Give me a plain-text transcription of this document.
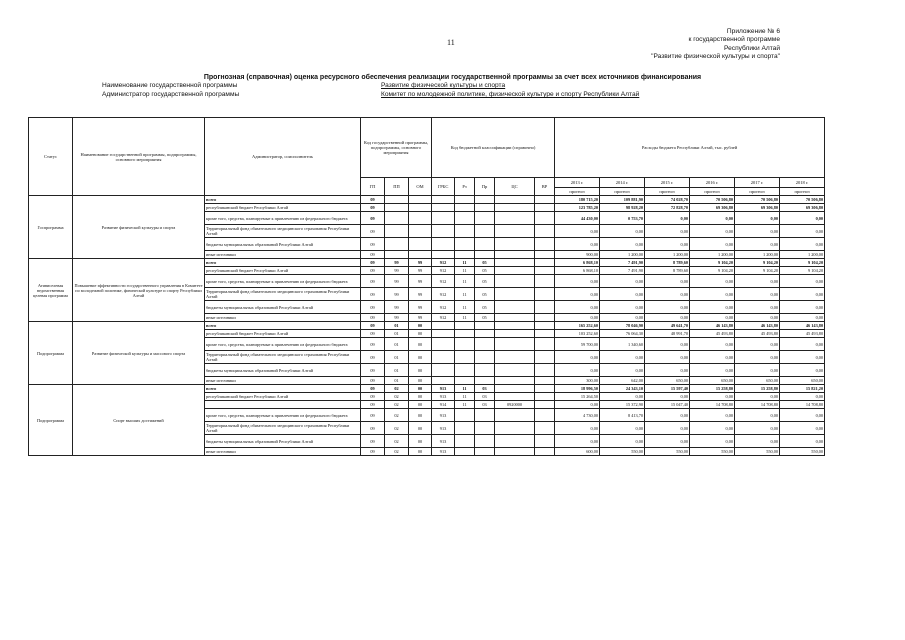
11
Приложение № 6
к государственной программе
Республики Алтай
"Развитие физической культуры и спорта"
Прогнозная (справочная) оценка ресурсного обеспечения реализации государственной программы за счет всех источников финансирования
Наименование государственной программы	Развитие физической культуры и спорта
Администратор государственной программы	Комитет по молодежной политике, физической культуре и спорту Республики Алтай
Статус	Наименование государственной программы, подпрограммы, основного мероприятия	Администратор, соисполнитель	Код государственной программы, подпрограммы, основного мероприятия			Код бюджетной классификации (справочно)					Расходы бюджета Республики Алтай, тыс. рублей					
			ГП	ПП	ОМ	ГРБС	Рз	Пр	ЦС	ВР	2013 г.	2014 г.	2015 г.	2016 г.	2017 г.	2018 г.
											прогноз	прогноз	прогноз	прогноз	прогноз	прогноз
Госпрограмма	Развитие физической культуры и спорта	всего	09								180 715,20	109 881,90	74 028,70	70 506,80	70 506,80	70 506,80
		республиканский бюджет Республики Алтай	09								123 785,20	98 928,20	72 828,70	69 306,80	69 306,80	69 306,80
		кроме того, средства, планируемые к привлечению из федерального бюджета	09								44 430,00	0 753,70	0,00	0,00	0,00	0,00
		Территориальный фонд обязательного медицинского страхования Республики Алтай	09								0,00	0,00	0,00	0,00	0,00	0,00
		бюджеты муниципальных образований Республики Алтай	09								0,00	0,00	0,00	0,00	0,00	0,00
		иные источники	09								900,00	1 200,00	1 200,00	1 200,00	1 200,00	1 200,00
Ативиселевая ведомственная целевая программа	Повышение эффективности государственного управления в Комитете по молодежной политике, физической культуре и спорту Республики Алтай	всего	09	99	99	912	11	05			6 868,10	7 491,90	8 789,60	9 104,20	9 104,20	9 104,20
		республиканский бюджет Республики Алтай	09	99	99	912	11	05			6 868,10	7 491,90	8 789,60	9 104,20	9 104,20	9 104,20
		кроме того, средства, планируемые к привлечению из федерального бюджета	09	99	99	912	11	05			0,00	0,00	0,00	0,00	0,00	0,00
		Территориальный фонд обязательного медицинского страхования Республики Алтай	09	99	99	912	11	05			0,00	0,00	0,00	0,00	0,00	0,00
		бюджеты муниципальных образований Республики Алтай	09	99	99	912	11	05			0,00	0,00	0,00	0,00	0,00	0,00
		иные источники	09	99	99	912	11	05			0,00	0,00	0,00	0,00	0,00	0,00
Подпрограмма	Развитие физической культуры и массового спорта	всего	09	01	00						165 252,60	78 046,90	49 641,70	46 143,80	46 143,80	46 143,80
		республиканский бюджет Республики Алтай	09	01	00						103 252,60	76 064,30	48 991,70	45 493,80	45 493,80	45 493,80
		кроме того, средства, планируемые к привлечению из федерального бюджета	09	01	00						59 700,00	1 340,60	0,00	0,00	0,00	0,00
		Территориальный фонд обязательного медицинского страхования Республики Алтай	09	01	00						0,00	0,00	0,00	0,00	0,00	0,00
		бюджеты муниципальных образований Республики Алтай	09	01	00						0,00	0,00	0,00	0,00	0,00	0,00
		иные источники	09	01	00						300,00	642,00	650,00	650,00	650,00	650,00
Подпрограмма	Спорт высших достижений	всего	09	02	00	913	11	03			18 996,50	24 343,10	15 597,40	15 258,80	15 258,80	15 821,20
		республиканский бюджет Республики Алтай	09	02	00	913	11	03			15 264,50	0,00	0,00	0,00	0,00	0,00
			09	02	00	914	11	03	0920000		0,00	15 372,90	15 047,40	14 708,80	14 708,80	14 708,80
		кроме того, средства, планируемые к привлечению из федерального бюджета	09	02	00	913					4 730,00	8 413,70	0,00	0,00	0,00	0,00
		Территориальный фонд обязательного медицинского страхования Республики Алтай	09	02	00	913					0,00	0,00	0,00	0,00	0,00	0,00
		бюджеты муниципальных образований Республики Алтай	09	02	00	913					0,00	0,00	0,00	0,00	0,00	0,00
		иные источники	09	02	00	913					600,00	550,00	550,00	550,00	550,00	550,00
